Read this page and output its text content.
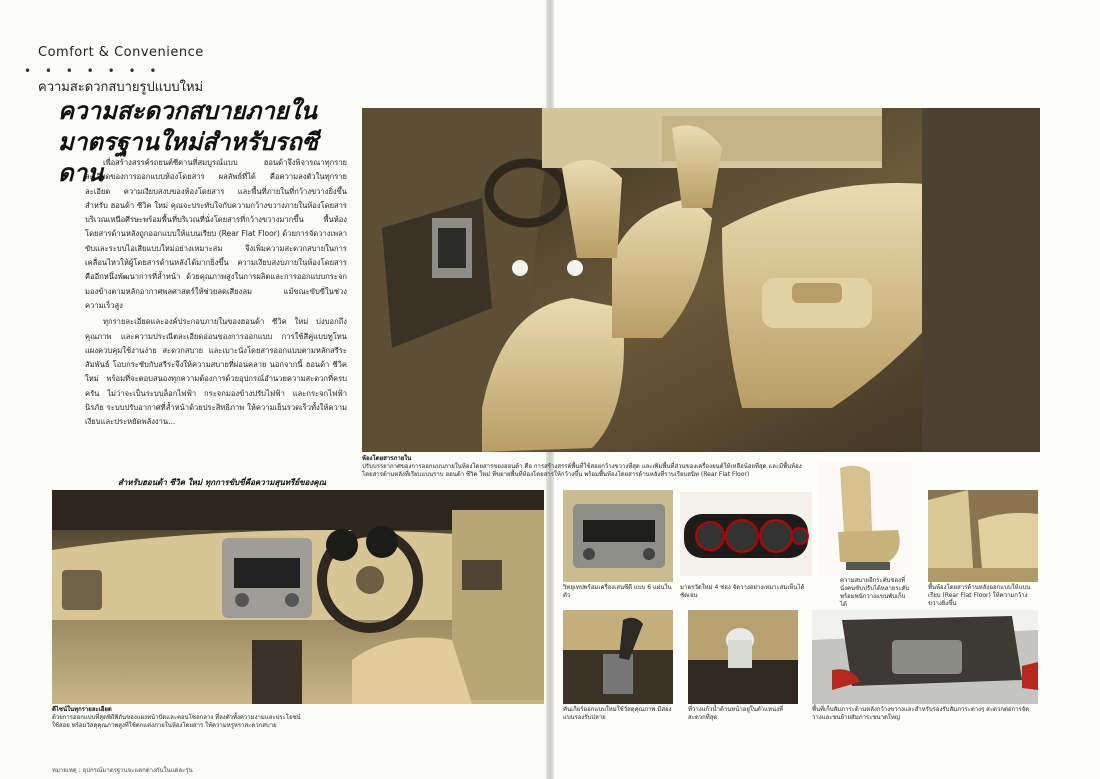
Comfort & Convenience
• • • • • • •
ความสะดวกสบายรูปแบบใหม่
ความสะดวกสบายภายใน
มาตรฐานใหม่สำหรับรถซีดาน เพื่อสร้างสรรค์รถยนต์ซีดานที่สมบูรณ์แบบ ฮอนด้าจึงพิจารณาทุกรายละเอียดของการออกแบบห้องโดยสาร ผลลัพธ์ที่ได้ คือความลงตัวในทุกรายละเอียด ความเงียบสงบของห้องโดยสาร และพื้นที่ภายในที่กว้างขวางยิ่งขึ้น สำหรับ ฮอนด้า ซีวิค ใหม่ คุณจะประทับใจกับความกว้างขวางภายในห้องโดยสาร บริเวณเหนือศีรษะพร้อมพื้นที่บริเวณที่นั่งโดยสารที่กว้างขวางมากขึ้น พื้นห้องโดยสารด้านหลังถูกออกแบบให้แบนเรียบ (Rear Flat Floor) ด้วยการจัดวางเพลาขับและระบบไอเสียแบบใหม่อย่างเหมาะสม จึงเพิ่มความสะดวกสบายในการเคลื่อนไหวให้ผู้โดยสารด้านหลังได้มากยิ่งขึ้น ความเงียบสงบภายในห้องโดยสาร คืออีกหนึ่งพัฒนาการที่ล้ำหน้า ด้วยคุณภาพสูงในการผลิตและการออกแบบกระจกมองข้างตามหลักอากาศพลศาสตร์ให้ช่วยลดเสียงลม แม้ขณะขับขี่ในช่วงความเร็วสูง

ทุกรายละเอียดและองค์ประกอบภายในของฮอนด้า ซีวิค ใหม่ บ่งบอกถึงคุณภาพ และความประณีตละเอียดอ่อนของการออกแบบ การใช้สีคู่แบบทูโทน แผงควบคุมใช้งานง่าย สะดวกสบาย และเบาะนั่งโดยสารออกแบบตามหลักสรีระสัมพันธ์ โอบกระชับกับสรีระจึงให้ความสบายที่ผ่อนคลาย นอกจากนี้ ฮอนด้า ซีวิค ใหม่ พร้อมที่จะตอบสนองทุกความต้องการด้วยอุปกรณ์อำนวยความสะดวกที่ครบครัน ไม่ว่าจะเป็นระบบล็อกไฟฟ้า กระจกมองข้างปรับไฟฟ้า และกระจกไฟฟ้านิรภัย ระบบปรับอากาศที่ล้ำหน้าด้วยประสิทธิภาพ ให้ความเย็นรวดเร็วทั้งให้ความเงียบและประหยัดพลังงาน...

สำหรับฮอนด้า ซีวิค ใหม่ ทุกการขับขี่คือความสุนทรีย์ของคุณ
ห้องโดยสารภายใน
ปรับบรรยากาศของการออกแบบภายในห้องโดยสารของฮอนด้า คือ การสร้างสรรค์พื้นที่ใช้สอยกว้างขวางที่สุด และเพิ่มพื้นที่ส่วนของเครื่องยนต์ให้เหลือน้อยที่สุด และมีพื้นห้องโดยสารด้านหลังที่เรียบแบนราบ ฮอนด้า ซีวิค ใหม่ ที่ขยายพื้นที่ห้องโดยสารให้กว้างขึ้น พร้อมพื้นห้องโดยสารด้านหลังที่ราบเรียบสนิท (Rear Flat Floor)
ดีไซน์ในทุกรายละเอียด
ด้วยการออกแบบที่สุดพิถีพิถันของแผงหน้าปัดและคอนโซลกลาง ที่ลงตัวทั้งความงามและประโยชน์ใช้สอย พร้อมวัสดุคุณภาพสูงที่ใช้ตกแต่งภายในห้องโดยสาร ให้ความหรูหราสะดวกสบาย
วิทยุเทปพร้อมเครื่องเล่นซีดี แบบ 6 แผ่นในตัว
มาตรวัดใหม่ 4 ช่อง จัดวางอย่างเหมาะสมเห็นได้ชัดเจน
ความสบายอีกระดับของที่นั่งคนขับปรับได้หลายระดับ พร้อมพนักวางแขนพับเก็บได้
พื้นห้องโดยสารด้านหลังออกแบบให้แบนเรียบ (Rear Flat Floor) ให้ความกว้างขวางยิ่งขึ้น
คันเกียร์ออกแบบใหม่ใช้วัสดุคุณภาพ มีสองแบบรองรับปลาย
ที่วางแก้วน้ำด้านหน้าอยู่ในตำแหน่งที่สะดวกที่สุด
พื้นที่เก็บสัมภาระด้านหลังกว้างขวางและสำหรับรองรับสัมภาระต่างๆ สะดวกต่อการจัดวางและขนย้ายสัมภาระขนาดใหญ่
หมายเหตุ : อุปกรณ์มาตรฐานจะแตกต่างกันในแต่ละรุ่น
